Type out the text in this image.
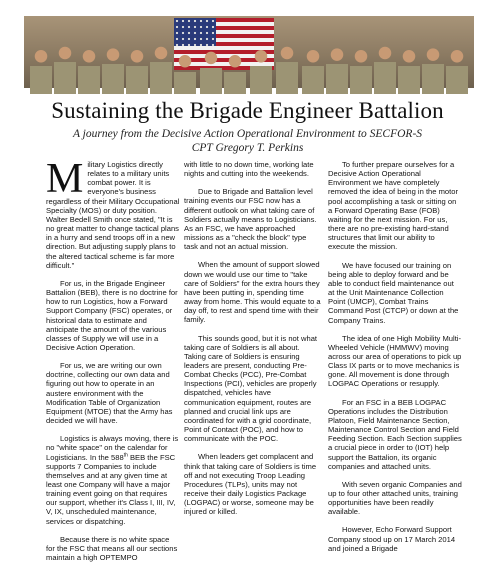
Sustaining the Brigade Engineer Battalion
A journey from the Decisive Action Operational Environment to SECFOR-S
CPT Gregory T. Perkins

Military Logistics directly relates to a military units combat power. It is everyone's business regardless of their Military Occupational Specialty (MOS) or duty position. Walter Bedell Smith once stated, "It is no great matter to change tactical plans in a hurry and send troops off in a new direction. But adjusting supply plans to the altered tactical scheme is far more difficult."

For us, in the Brigade Engineer Battalion (BEB), there is no doctrine for how to run Logistics, how a Forward Support Company (FSC) operates, or historical data to estimate and anticipate the amount of the various classes of Supply we will use in a Decisive Action Operation.

For us, we are writing our own doctrine, collecting our own data and figuring out how to operate in an austere environment with the Modification Table of Organization Equipment (MTOE) that the Army has decided we will have.

Logistics is always moving, there is no "white space" on the calendar for Logisticians. In the 588th BEB the FSC supports 7 Companies to include themselves and at any given time at least one Company will have a major training event going on that requires our support, whether it's Class I, III, IV, V, IX, unscheduled maintenance, services or dispatching.

Because there is no white space for the FSC that means all our sections maintain a high OPTEMPO

with little to no down time, working late nights and cutting into the weekends.

Due to Brigade and Battalion level training events our FSC now has a different outlook on what taking care of Soldiers actually means to Logisticians. As an FSC, we have approached missions as a "check the block" type task and not an actual mission.

When the amount of support slowed down we would use our time to "take care of Soldiers" for the extra hours they have been putting in, spending time away from home. This would equate to a day off, to rest and spend time with their family.

This sounds good, but it is not what taking care of Soldiers is all about. Taking care of Soldiers is ensuring leaders are present, conducting Pre-Combat Checks (PCC), Pre-Combat Inspections (PCI), vehicles are properly dispatched, vehicles have communication equipment, routes are planned and crucial link ups are coordinated for with a grid coordinate, Point of Contact (POC), and how to communicate with the POC.

When leaders get complacent and think that taking care of Soldiers is time off and not executing Troop Leading Procedures (TLPs), units may not receive their daily Logistics Package (LOGPAC) or worse, someone may be injured or killed.

To further prepare ourselves for a Decisive Action Operational Environment we have completely removed the idea of being in the motor pool accomplishing a task or sitting on a Forward Operating Base (FOB) waiting for the next mission. For us, there are no pre-existing hard-stand structures that limit our ability to execute the mission.

We have focused our training on being able to deploy forward and be able to conduct field maintenance out at the Unit Maintenance Collection Point (UMCP), Combat Trains Command Post (CTCP) or down at the Company Trains.

The idea of one High Mobility Multi-Wheeled Vehicle (HMMWV) moving across our area of operations to pick up Class IX parts or to move mechanics is gone. All movement is done through LOGPAC Operations or resupply.

For an FSC in a BEB LOGPAC Operations includes the Distribution Platoon, Field Maintenance Section, Maintenance Control Section and Field Feeding Section. Each Section supplies a crucial piece in order to (IOT) help support the Battalion, its organic companies and attached units.

With seven organic Companies and up to four other attached units, training opportunities have been readily available.

However, Echo Forward Support Company stood up on 17 March 2014 and joined a Brigade
